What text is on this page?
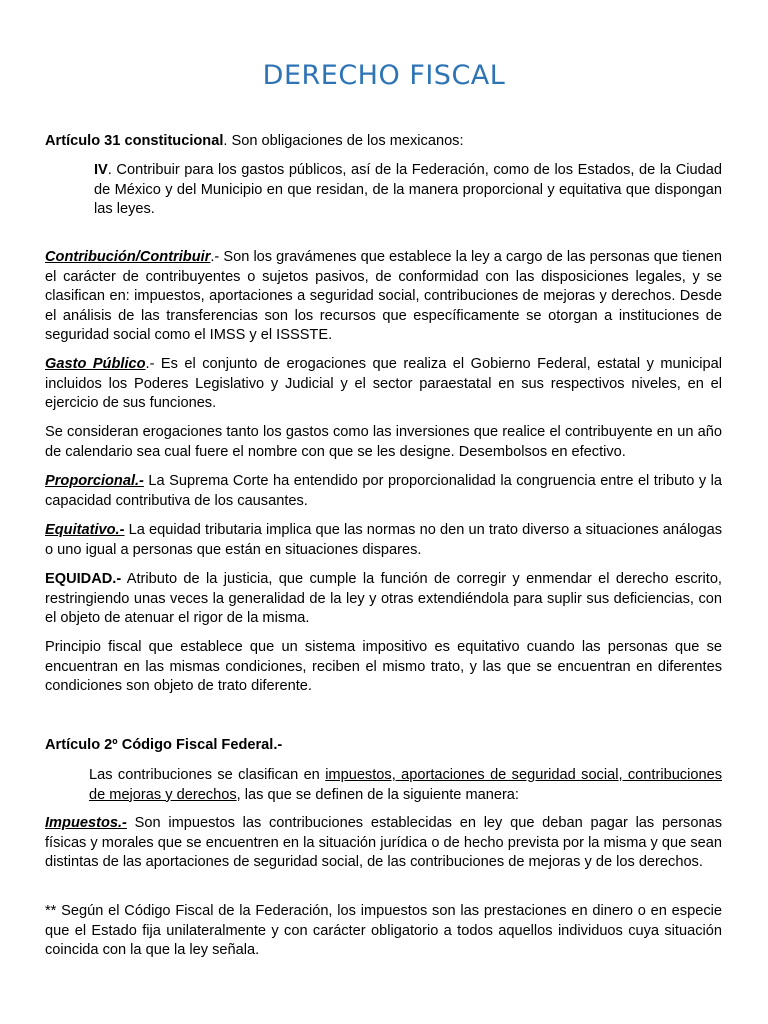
DERECHO FISCAL

Artículo 31 constitucional. Son obligaciones de los mexicanos:

IV. Contribuir para los gastos públicos, así de la Federación, como de los Estados, de la Ciudad de México y del Municipio en que residan, de la manera proporcional y equitativa que dispongan las leyes.

Contribución/Contribuir.- Son los gravámenes que establece la ley a cargo de las personas que tienen el carácter de contribuyentes o sujetos pasivos, de conformidad con las disposiciones legales, y se clasifican en: impuestos, aportaciones a seguridad social, contribuciones de mejoras y derechos. Desde el análisis de las transferencias son los recursos que específicamente se otorgan a instituciones de seguridad social como el IMSS y el ISSSTE.

Gasto Público.- Es el conjunto de erogaciones que realiza el Gobierno Federal, estatal y municipal incluidos los Poderes Legislativo y Judicial y el sector paraestatal en sus respectivos niveles, en el ejercicio de sus funciones.

Se consideran erogaciones tanto los gastos como las inversiones que realice el contribuyente en un año de calendario sea cual fuere el nombre con que se les designe. Desembolsos en efectivo.

Proporcional.- La Suprema Corte ha entendido por proporcionalidad la congruencia entre el tributo y la capacidad contributiva de los causantes.

Equitativo.- La equidad tributaria implica que las normas no den un trato diverso a situaciones análogas o uno igual a personas que están en situaciones dispares.

EQUIDAD.- Atributo de la justicia, que cumple la función de corregir y enmendar el derecho escrito, restringiendo unas veces la generalidad de la ley y otras extendiéndola para suplir sus deficiencias, con el objeto de atenuar el rigor de la misma.

Principio fiscal que establece que un sistema impositivo es equitativo cuando las personas que se encuentran en las mismas condiciones, reciben el mismo trato, y las que se encuentran en diferentes condiciones son objeto de trato diferente.

Artículo 2º Código Fiscal Federal.-

Las contribuciones se clasifican en impuestos, aportaciones de seguridad social, contribuciones de mejoras y derechos, las que se definen de la siguiente manera:

Impuestos.- Son impuestos las contribuciones establecidas en ley que deban pagar las personas físicas y morales que se encuentren en la situación jurídica o de hecho prevista por la misma y que sean distintas de las aportaciones de seguridad social, de las contribuciones de mejoras y de los derechos.

** Según el Código Fiscal de la Federación, los impuestos son las prestaciones en dinero o en especie que el Estado fija unilateralmente y con carácter obligatorio a todos aquellos individuos cuya situación coincida con la que la ley señala.
